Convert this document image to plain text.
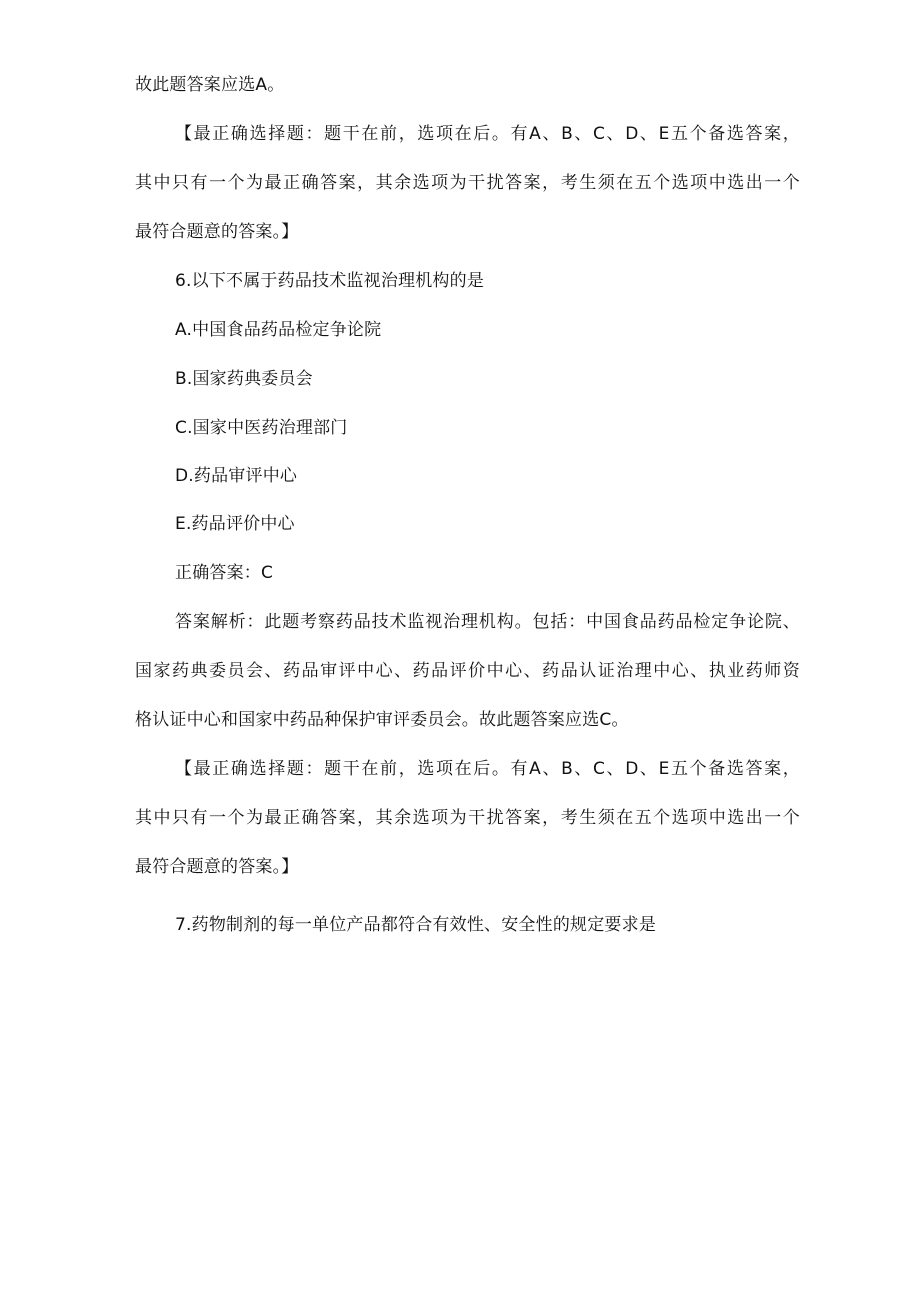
故此题答案应选A。
【最正确选择题：题干在前，选项在后。有A、B、C、D、E五个备选答案，
其中只有一个为最正确答案，其余选项为干扰答案，考生须在五个选项中选出一个
最符合题意的答案。】
6.以下不属于药品技术监视治理机构的是
A.中国食品药品检定争论院
B.国家药典委员会
C.国家中医药治理部门
D.药品审评中心
E.药品评价中心
正确答案：C
答案解析：此题考察药品技术监视治理机构。包括：中国食品药品检定争论院、
国家药典委员会、药品审评中心、药品评价中心、药品认证治理中心、执业药师资
格认证中心和国家中药品种保护审评委员会。故此题答案应选C。
【最正确选择题：题干在前，选项在后。有A、B、C、D、E五个备选答案，
其中只有一个为最正确答案，其余选项为干扰答案，考生须在五个选项中选出一个
最符合题意的答案。】
7.药物制剂的每一单位产品都符合有效性、安全性的规定要求是
